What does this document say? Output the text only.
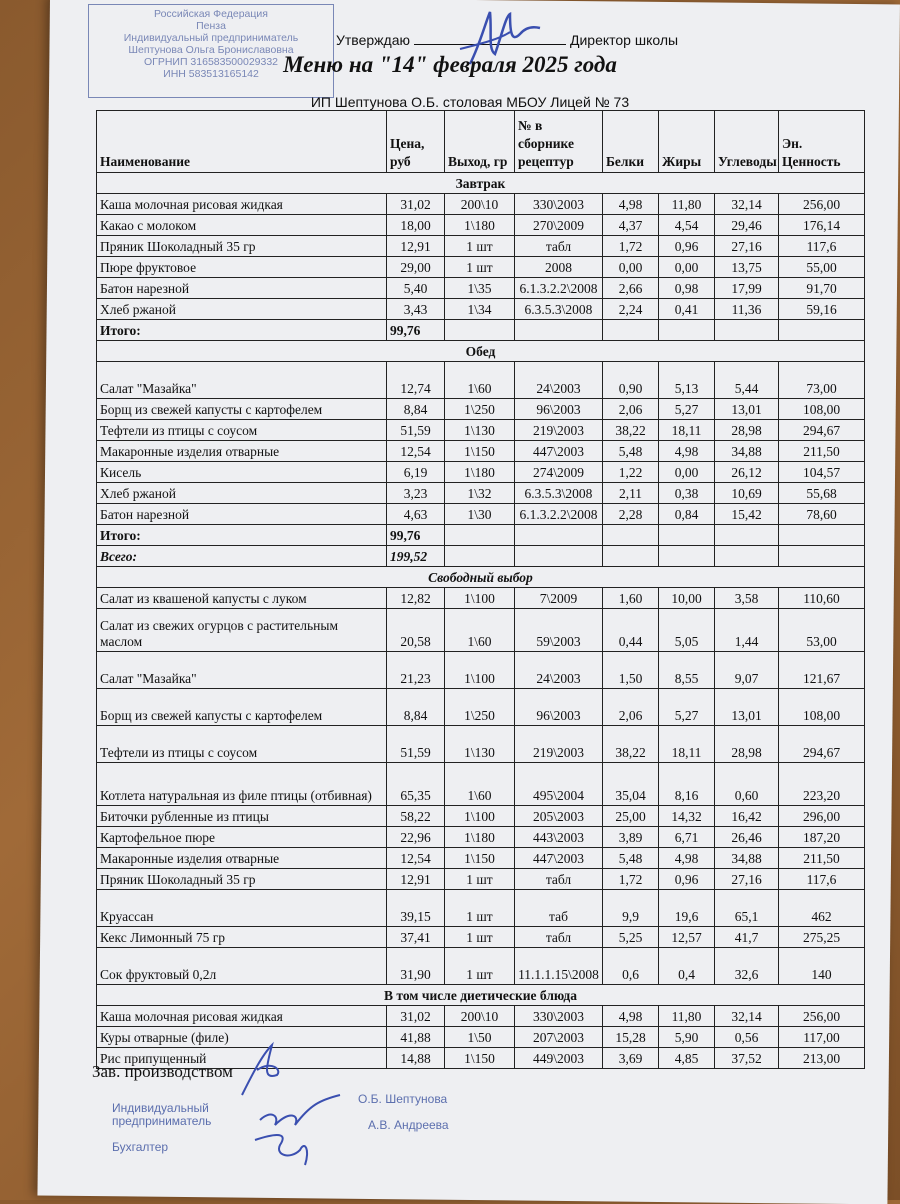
Российская Федерация
Пенза
Индивидуальный предприниматель
Шептунова Ольга Брониславовна
ОГРНИП 316583500029332
ИНН 583513165142
Утверждаю	Директор школы
Меню на "14" февраля 2025 года
ИП Шептунова О.Б. столовая МБОУ Лицей № 73
Наименование	Цена, руб	Выход, гр	№ в сборнике рецептур	Белки	Жиры	Углеводы	Эн. Ценность
Завтрак							
Каша молочная рисовая жидкая	31,02	200\10	330\2003	4,98	11,80	32,14	256,00
Какао с молоком	18,00	1\180	270\2009	4,37	4,54	29,46	176,14
Пряник Шоколадный 35 гр	12,91	1 шт	табл	1,72	0,96	27,16	117,6
Пюре фруктовое	29,00	1 шт	2008	0,00	0,00	13,75	55,00
Батон нарезной	5,40	1\35	6.1.3.2.2\2008	2,66	0,98	17,99	91,70
Хлеб ржаной	3,43	1\34	6.3.5.3\2008	2,24	0,41	11,36	59,16
Итого:	99,76						
Обед							
Салат "Мазайка"	12,74	1\60	24\2003	0,90	5,13	5,44	73,00
Борщ из свежей капусты с картофелем	8,84	1\250	96\2003	2,06	5,27	13,01	108,00
Тефтели из птицы с соусом	51,59	1\130	219\2003	38,22	18,11	28,98	294,67
Макаронные изделия отварные	12,54	1\150	447\2003	5,48	4,98	34,88	211,50
Кисель	6,19	1\180	274\2009	1,22	0,00	26,12	104,57
Хлеб ржаной	3,23	1\32	6.3.5.3\2008	2,11	0,38	10,69	55,68
Батон нарезной	4,63	1\30	6.1.3.2.2\2008	2,28	0,84	15,42	78,60
Итого:	99,76						
Всего:	199,52						
Свободный выбор							
Салат из квашеной капусты с луком	12,82	1\100	7\2009	1,60	10,00	3,58	110,60
Салат из свежих огурцов с растительным маслом	20,58	1\60	59\2003	0,44	5,05	1,44	53,00
Салат "Мазайка"	21,23	1\100	24\2003	1,50	8,55	9,07	121,67
Борщ из свежей капусты с картофелем	8,84	1\250	96\2003	2,06	5,27	13,01	108,00
Тефтели из птицы с соусом	51,59	1\130	219\2003	38,22	18,11	28,98	294,67
Котлета натуральная из филе птицы (отбивная)	65,35	1\60	495\2004	35,04	8,16	0,60	223,20
Биточки рубленные из птицы	58,22	1\100	205\2003	25,00	14,32	16,42	296,00
Картофельное пюре	22,96	1\180	443\2003	3,89	6,71	26,46	187,20
Макаронные изделия отварные	12,54	1\150	447\2003	5,48	4,98	34,88	211,50
Пряник Шоколадный 35 гр	12,91	1 шт	табл	1,72	0,96	27,16	117,6
Круассан	39,15	1 шт	таб	9,9	19,6	65,1	462
Кекс Лимонный 75 гр	37,41	1 шт	табл	5,25	12,57	41,7	275,25
Сок фруктовый 0,2л	31,90	1 шт	11.1.1.15\2008	0,6	0,4	32,6	140
В том числе диетические блюда							
Каша молочная рисовая жидкая	31,02	200\10	330\2003	4,98	11,80	32,14	256,00
Куры отварные (филе)	41,88	1\50	207\2003	15,28	5,90	0,56	117,00
Рис припущенный	14,88	1\150	449\2003	3,69	4,85	37,52	213,00
Зав. производством
Индивидуальный
предприниматель
Бухгалтер
О.Б. Шептунова
А.В. Андреева
